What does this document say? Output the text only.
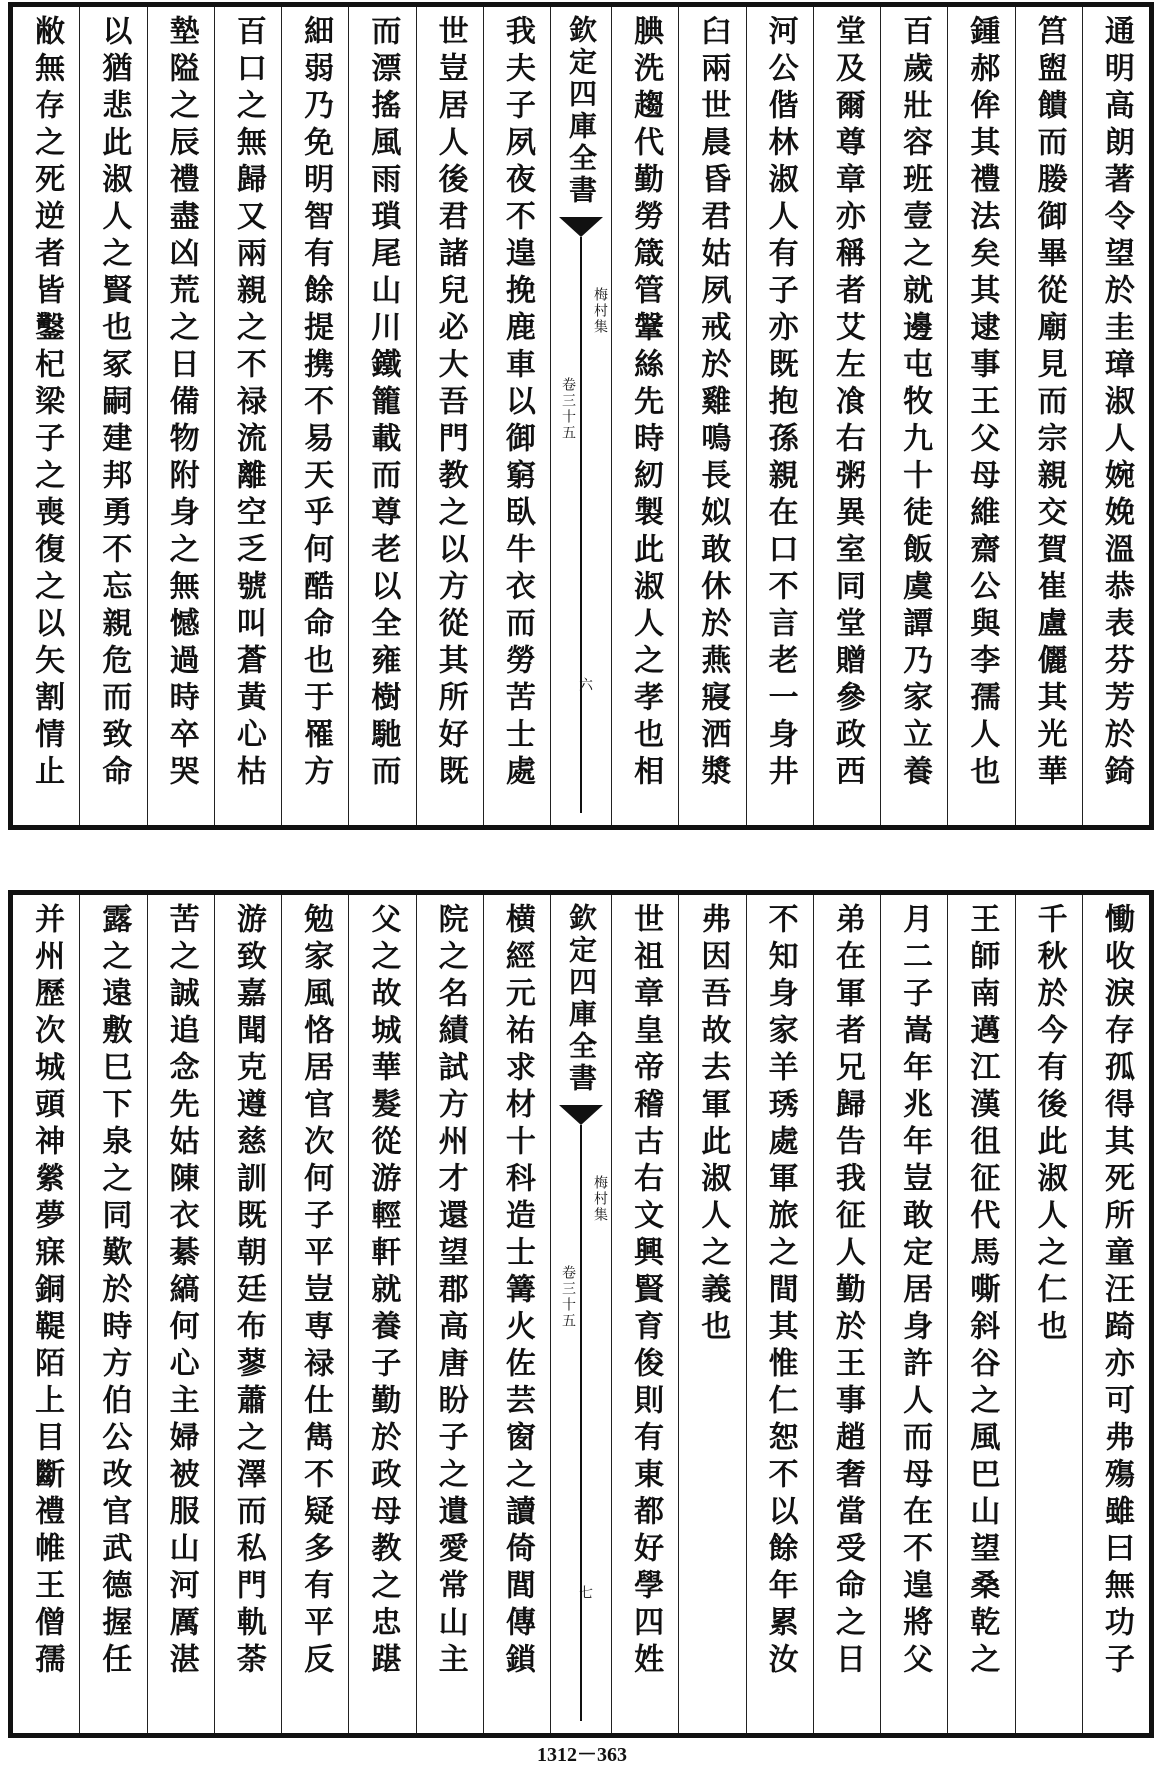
通明高朗著令望於圭璋淑人婉娩溫恭表芬芳於錡
筥盥饋而媵御畢從廟見而宗親交賀崔盧儷其光華
鍾郝侔其禮法矣其逮事王父母維齋公與李孺人也
百歲壯容班壹之就邊屯牧九十徒飯虞譚乃家立養
堂及爾尊章亦稱者艾左飡右粥異室同堂贈參政西
河公偕林淑人有子亦既抱孫親在口不言老一身井
臼兩世晨昏君姑夙戒於雞鳴長姒敢休於燕寢洒漿
腆洗趨代勤勞箴管鞶絲先時紉製此淑人之孝也相
欽定四庫全書
梅村集
卷三十五
六
我夫子夙夜不遑挽鹿車以御窮臥牛衣而勞苦士處
世豈居人後君諸兒必大吾門教之以方從其所好既
而漂搖風雨瑣尾山川鐵籠載而尊老以全雍樹馳而
細弱乃免明智有餘提携不易天乎何酷命也于罹方
百口之無歸又兩親之不禄流離空乏號叫蒼黃心枯
墊隘之辰禮盡凶荒之日備物附身之無憾過時卒哭
以猶悲此淑人之賢也冢嗣建邦勇不忘親危而致命
敝無存之死逆者皆鑿杞梁子之喪復之以矢割情止
慟收淚存孤得其死所童汪踦亦可弗殤雖曰無功子
千秋於今有後此淑人之仁也
王師南邁江漢徂征代馬嘶斜谷之風巴山望桑乾之
月二子嵩年兆年豈敢定居身許人而母在不遑將父
弟在軍者兄歸告我征人勤於王事趙奢當受命之日
不知身家羊琇處軍旅之間其惟仁恕不以餘年累汝
弗因吾故去軍此淑人之義也
世祖章皇帝稽古右文興賢育俊則有東都好學四姓
欽定四庫全書
梅村集
卷三十五
七
横經元祐求材十科造士篝火佐芸窗之讀倚閭傳鎖
院之名績試方州才還望郡高唐盼子之遺愛常山主
父之故城華髮從游輕軒就養子勤於政母教之忠踸
勉家風恪居官次何子平豈専禄仕雋不疑多有平反
游致嘉聞克遵慈訓既朝廷布蓼蕭之澤而私門軌荼
苦之誠追念先姑陳衣綦縞何心主婦被服山河厲湛
露之遠敷巳下泉之同歎於時方伯公改官武德握任
并州歷次城頭神縈夢寐銅鞮陌上目斷禮帷王僧孺
1312－363
